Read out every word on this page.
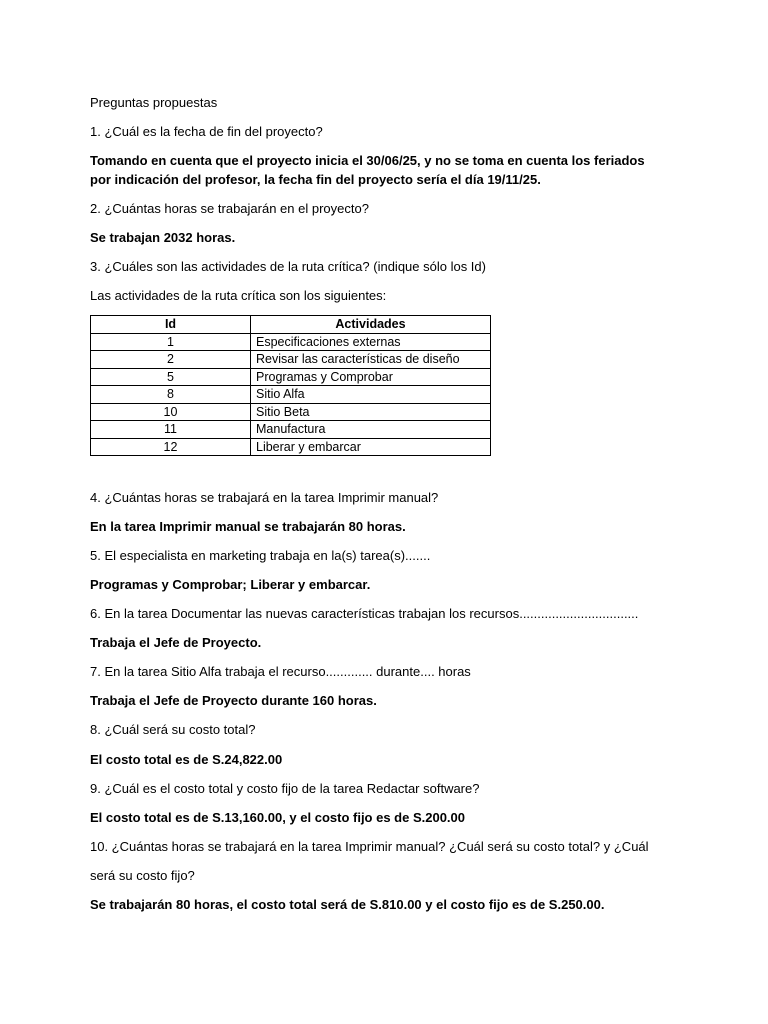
Preguntas propuestas

1. ¿Cuál es la fecha de fin del proyecto?

Tomando en cuenta que el proyecto inicia el 30/06/25, y no se toma en cuenta los feriados por indicación del profesor, la fecha fin del proyecto sería el día 19/11/25.

2. ¿Cuántas horas se trabajarán en el proyecto?

Se trabajan 2032 horas.

3. ¿Cuáles son las actividades de la ruta crítica? (indique sólo los Id)

Las actividades de la ruta crítica son los siguientes:

Id	Actividades
1	Especificaciones externas
2	Revisar las características de diseño
5	Programas y Comprobar
8	Sitio Alfa
10	Sitio Beta
11	Manufactura
12	Liberar y embarcar

4. ¿Cuántas horas se trabajará en la tarea Imprimir manual?

En la tarea Imprimir manual se trabajarán 80 horas.

5. El especialista en marketing trabaja en la(s) tarea(s).......

Programas y Comprobar; Liberar y embarcar.

6. En la tarea Documentar las nuevas características trabajan los recursos.................................

Trabaja el Jefe de Proyecto.

7. En la tarea Sitio Alfa trabaja el recurso............. durante.... horas

Trabaja el Jefe de Proyecto durante 160 horas.

8. ¿Cuál será su costo total?

El costo total es de S.24,822.00

9. ¿Cuál es el costo total y costo fijo de la tarea Redactar software?

El costo total es de S.13,160.00, y el costo fijo es de S.200.00

10. ¿Cuántas horas se trabajará en la tarea Imprimir manual? ¿Cuál será su costo total? y ¿Cuál

será su costo fijo?

Se trabajarán 80 horas, el costo total será de S.810.00 y el costo fijo es de S.250.00.
